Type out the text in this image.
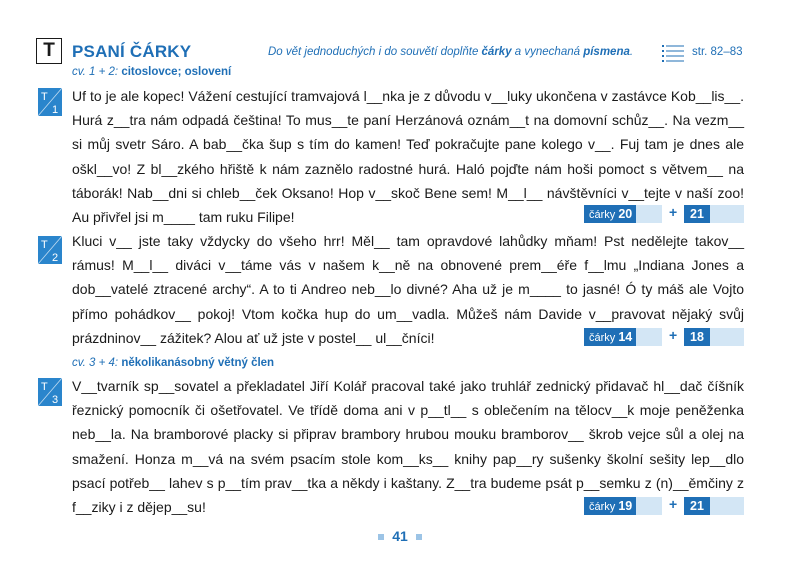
T	PSANÍ ČÁRKY	Do vět jednoduchých i do souvětí doplňte čárky a vynechaná písmena.	str. 82–83
cv. 1 + 2: citoslovce; oslovení
T
1
Uf to je ale kopec! Vážení cestující tramvajová l__nka je z důvodu v__luky ukončena v zastávce Kob__lis__. Hurá z__tra nám odpadá čeština! To mus__te paní Herzánová oznám__t na domovní schůz__. Na vezm__ si můj svetr Sáro. A bab__čka šup s tím do kamen! Teď pokračujte pane kolego v__. Fuj tam je dnes ale oškl__vo! Z bl__zkého hřiště k nám zaznělo radostné hurá. Haló pojďte nám hoši pomoct s větvem__ na táborák! Nab__dni si chleb__ček Oksano! Hop v__skoč Bene sem! M__l__ návštěvníci v__tejte v naší zoo! Au přivřel jsi m____ tam ruku Filipe!	čárky 20	+	21
T
2
Kluci v__ jste taky vždycky do všeho hrr! Měl__ tam opravdové lahůdky mňam! Pst nedělejte takov__ rámus! M__l__ diváci v__táme vás v našem k__ně na obnovené prem__éře f__lmu „Indiana Jones a dob__vatelé ztracené archy“. A to ti Andreo neb__lo divné? Aha už je m____ to jasné! Ó ty máš ale Vojto přímo pohádkov__ pokoj! Vtom kočka hup do um__vadla. Můžeš nám Davide v__pravovat nějaký svůj prázdninov__ zážitek? Alou ať už jste v postel__ ul__čníci!	čárky 14	+	18
cv. 3 + 4: několikanásobný větný člen
T
3
V__tvarník sp__sovatel a překladatel Jiří Kolář pracoval také jako truhlář zednický přidavač hl__dač číšník řeznický pomocník či ošetřovatel. Ve třídě doma ani v p__tl__ s oblečením na tělocv__k moje peněženka neb__la. Na bramborové placky si připrav brambory hrubou mouku bramborov__ škrob vejce sůl a olej na smažení. Honza m__vá na svém psacím stole kom__ks__ knihy pap__ry sušenky školní sešity lep__dlo psací potřeb__ lahev s p__tím prav__tka a někdy i kaštany. Z__tra budeme psát p__semku z (n)__ěmčiny z f__ziky i z dějep__su!	čárky 19	+	21
41
